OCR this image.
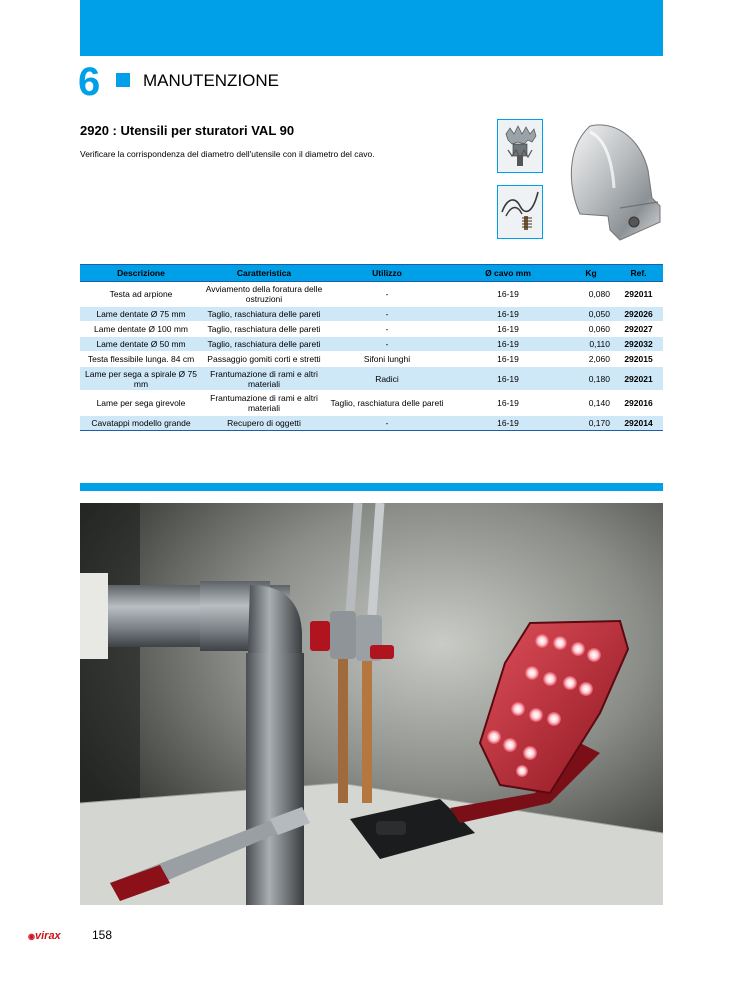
6	MANUTENZIONE
2920 : Utensili per sturatori VAL 90
Verificare la corrispondenza del diametro dell'utensile con il diametro del cavo.
Descrizione	Caratteristica	Utilizzo	Ø cavo mm	Kg	Ref.
Testa ad arpione	Avviamento della foratura delle ostruzioni	-	16-19	0,080	292011
Lame dentate Ø 75 mm	Taglio, raschiatura delle pareti	-	16-19	0,050	292026
Lame dentate Ø 100 mm	Taglio, raschiatura delle pareti	-	16-19	0,060	292027
Lame dentate Ø 50 mm	Taglio, raschiatura delle pareti	-	16-19	0,110	292032
Testa flessibile lunga. 84 cm	Passaggio gomiti corti e stretti	Sifoni lunghi	16-19	2,060	292015
Lame per sega a spirale Ø 75 mm	Frantumazione di rami e altri materiali	Radici	16-19	0,180	292021
Lame per sega girevole	Frantumazione di rami e altri materiali	Taglio, raschiatura delle pareti	16-19	0,140	292016
Cavatappi modello grande	Recupero di oggetti	-	16-19	0,170	292014
◉virax	158
